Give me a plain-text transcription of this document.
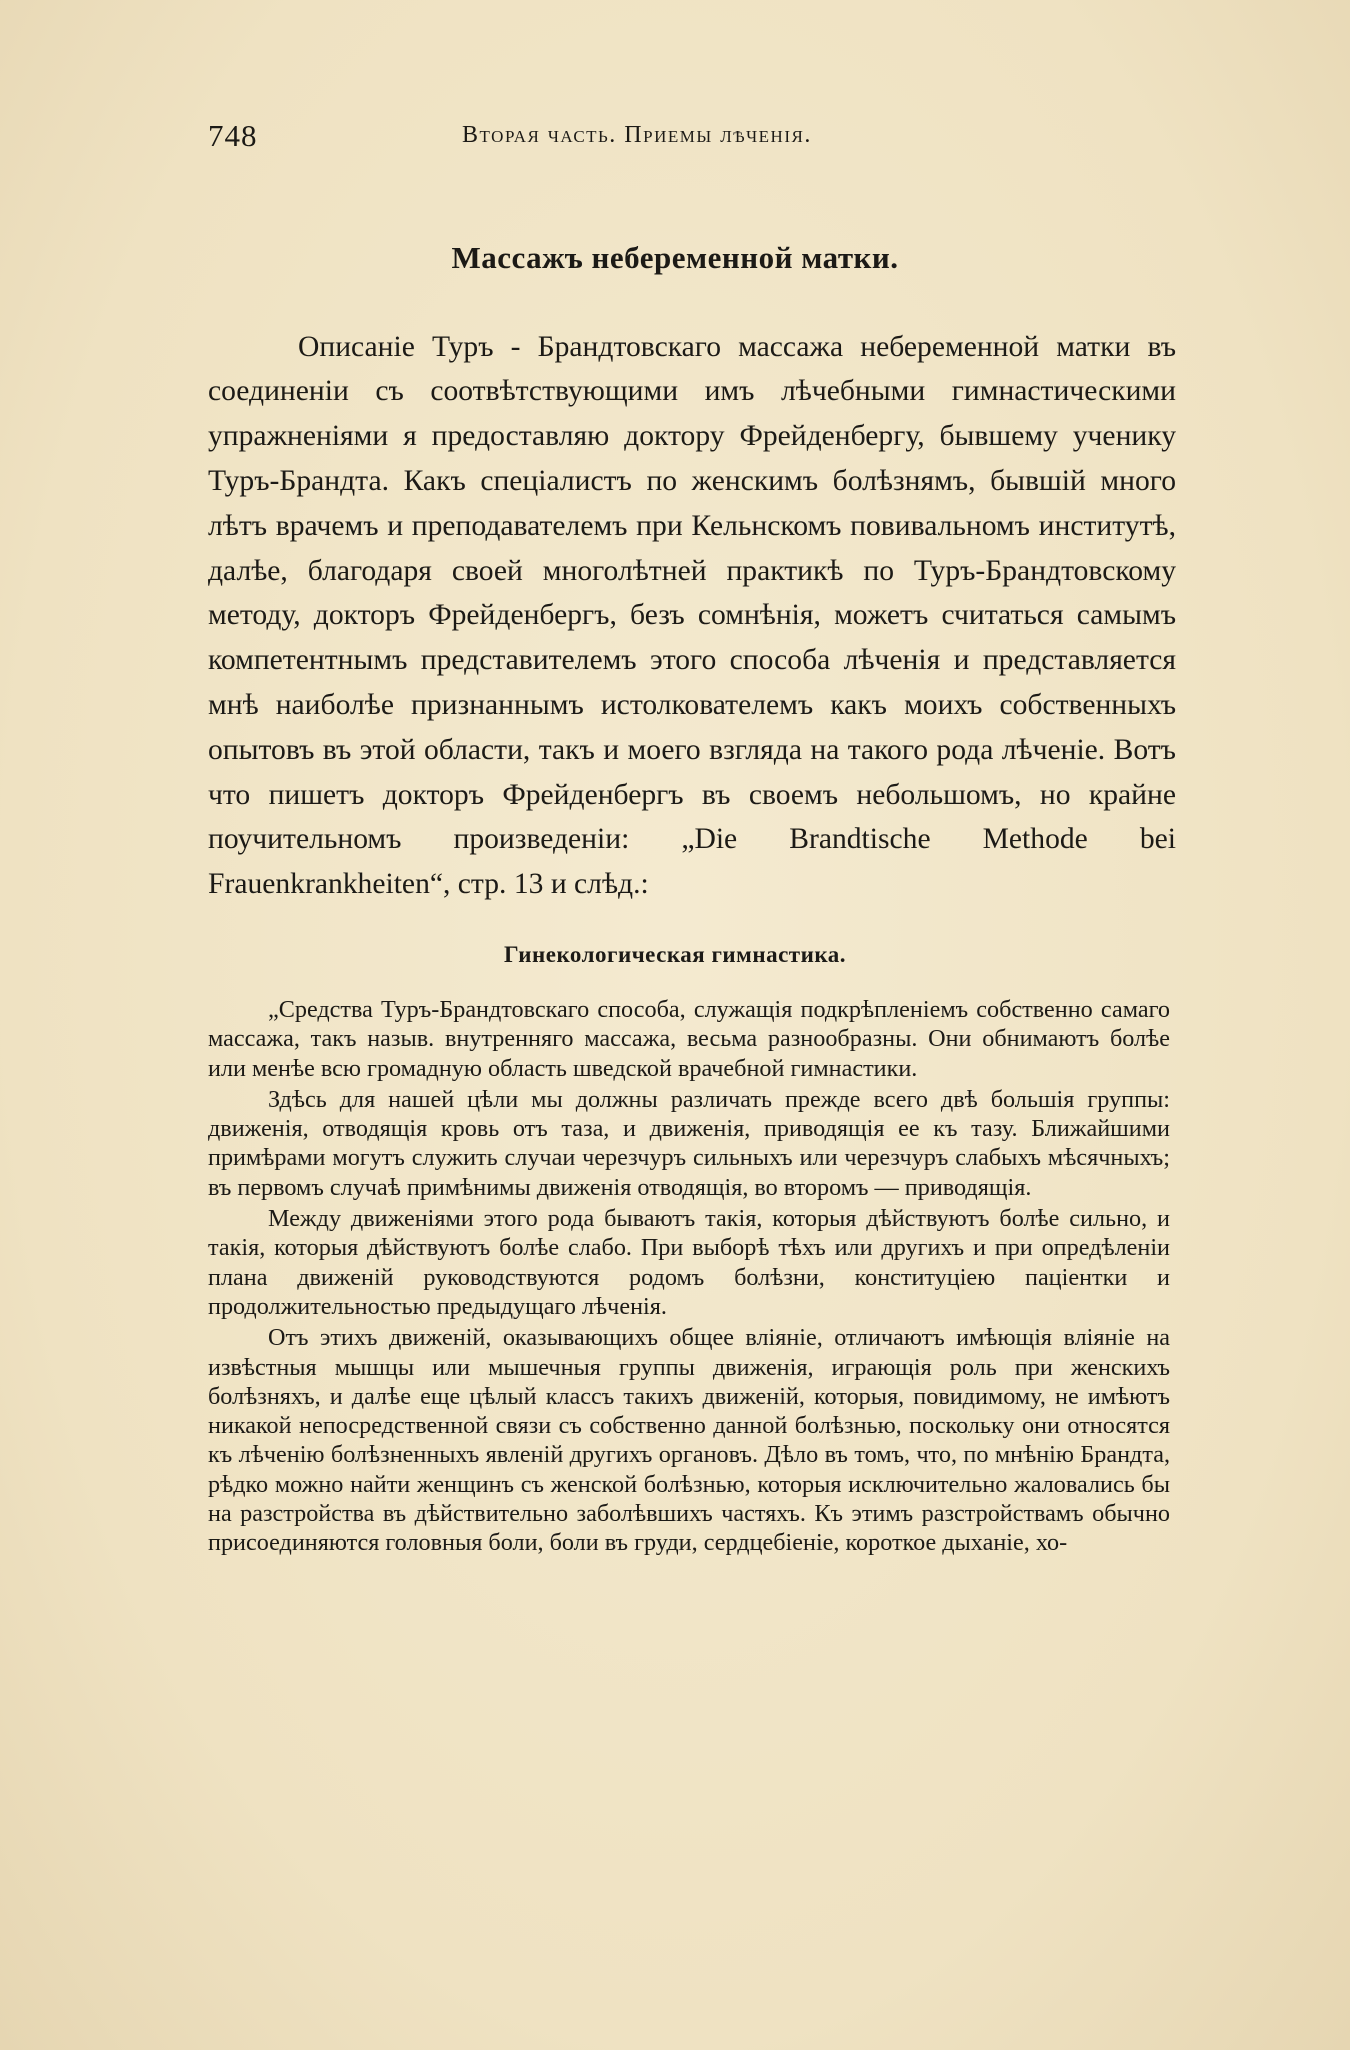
748	Вторая часть. Приемы лѣченія.
Массажъ небеременной матки.

Описаніе Туръ - Брандтовскаго массажа небеременной матки въ соединеніи съ соотвѣтствующими имъ лѣчебными гимнастическими упражненіями я предоставляю доктору Фрейденбергу, бывшему ученику Туръ-Брандта. Какъ спеціалистъ по женскимъ болѣзнямъ, бывшій много лѣтъ врачемъ и преподавателемъ при Кельнскомъ повивальномъ институтѣ, далѣе, благодаря своей многолѣтней практикѣ по Туръ-Брандтовскому методу, докторъ Фрейденбергъ, безъ сомнѣнія, можетъ считаться самымъ компетентнымъ представителемъ этого способа лѣченія и представляется мнѣ наиболѣе признаннымъ истолкователемъ какъ моихъ собственныхъ опытовъ въ этой области, такъ и моего взгляда на такого рода лѣченіе. Вотъ что пишетъ докторъ Фрейденбергъ въ своемъ небольшомъ, но крайне поучительномъ произведеніи: „Die Brandtische Methode bei Frauenkrankheiten“, стр. 13 и слѣд.:

Гинекологическая гимнастика.

„Средства Туръ-Брандтовскаго способа, служащія подкрѣпленіемъ собственно самаго массажа, такъ назыв. внутренняго массажа, весьма разнообразны. Они обнимаютъ болѣе или менѣе всю громадную область шведской врачебной гимнастики.

Здѣсь для нашей цѣли мы должны различать прежде всего двѣ большія группы: движенія, отводящія кровь отъ таза, и движенія, приводящія ее къ тазу. Ближайшими примѣрами могутъ служить случаи черезчуръ сильныхъ или черезчуръ слабыхъ мѣсячныхъ; въ первомъ случаѣ примѣнимы движенія отводящія, во второмъ — приводящія.

Между движеніями этого рода бываютъ такія, которыя дѣйствуютъ болѣе сильно, и такія, которыя дѣйствуютъ болѣе слабо. При выборѣ тѣхъ или другихъ и при опредѣленіи плана движеній руководствуются родомъ болѣзни, конституціею паціентки и продолжительностью предыдущаго лѣченія.

Отъ этихъ движеній, оказывающихъ общее вліяніе, отличаютъ имѣющія вліяніе на извѣстныя мышцы или мышечныя группы движенія, играющія роль при женскихъ болѣзняхъ, и далѣе еще цѣлый классъ такихъ движеній, которыя, повидимому, не имѣютъ никакой непосредственной связи съ собственно данной болѣзнью, поскольку они относятся къ лѣченію болѣзненныхъ явленій другихъ органовъ. Дѣло въ томъ, что, по мнѣнію Брандта, рѣдко можно найти женщинъ съ женской болѣзнью, которыя исключительно жаловались бы на разстройства въ дѣйствительно заболѣвшихъ частяхъ. Къ этимъ разстройствамъ обычно присоединяются головныя боли, боли въ груди, сердцебіеніе, короткое дыханіе, хо-
